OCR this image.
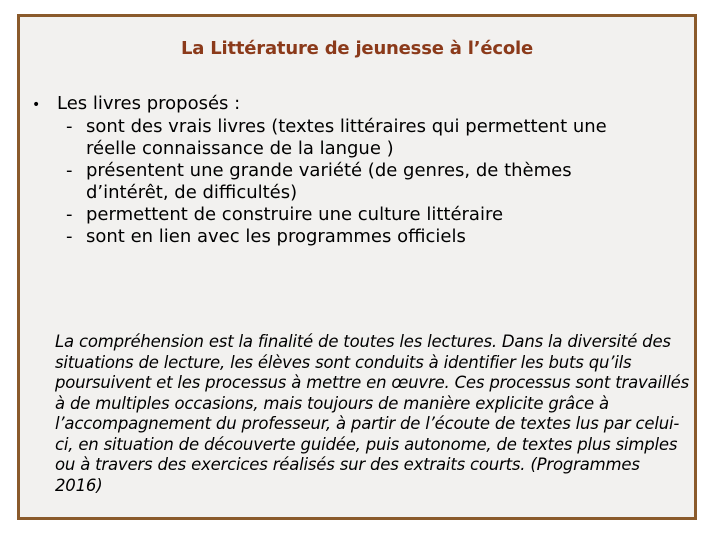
La Littérature de jeunesse à l’école
• Les livres proposés :
- sont des vrais livres (textes littéraires qui permettent une réelle connaissance de la langue )
- présentent une grande variété (de genres, de thèmes d’intérêt, de difficultés)
- permettent de construire une culture littéraire
- sont en lien avec les programmes officiels
La compréhension est la finalité de toutes les lectures. Dans la diversité des situations de lecture, les élèves sont conduits à identifier les buts qu’ils poursuivent et les processus à mettre en œuvre. Ces processus sont travaillés à de multiples occasions, mais toujours de manière explicite grâce à l’accompagnement du professeur, à partir de l’écoute de textes lus par celui-ci, en situation de découverte guidée, puis autonome, de textes plus simples ou à travers des exercices réalisés sur des extraits courts. (Programmes 2016)
